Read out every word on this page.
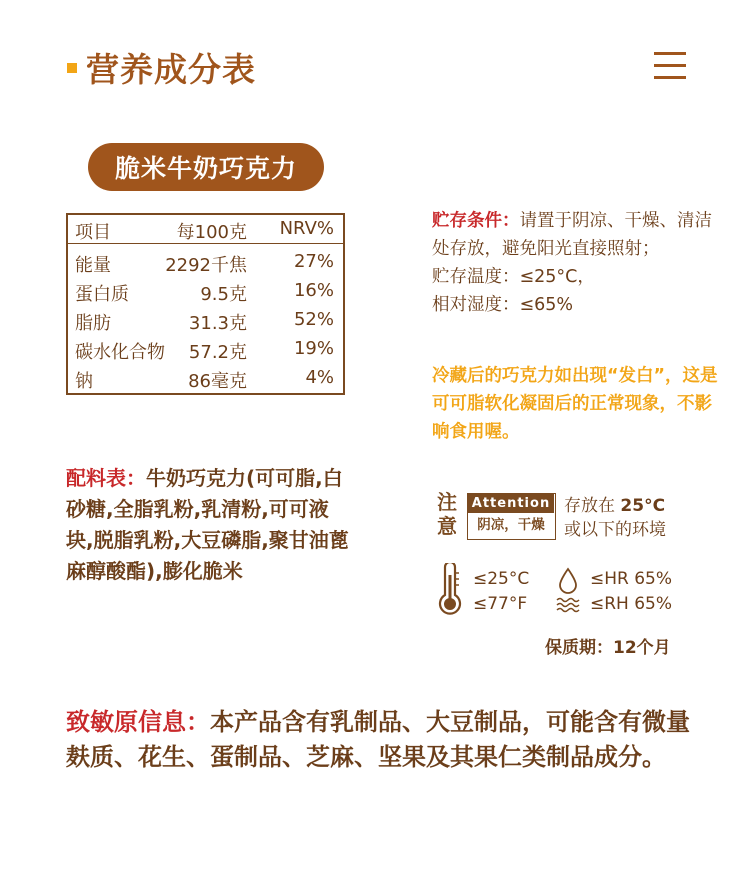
营养成分表
脆米牛奶巧克力
项目	每100克 NRV%
能量	2292千焦	27%
蛋白质	9.5克	16%
脂肪	31.3克	52%
碳水化合物 57.2克	19%
钠	86毫克	4%
贮存条件：请置于阴凉、干燥、清洁处存放，避免阳光直接照射；
贮存温度：≤25°C，
相对湿度：≤65%
冷藏后的巧克力如出现“发白”，这是可可脂软化凝固后的正常现象，不影响食用喔。
配料表：牛奶巧克力(可可脂,白砂糖,全脂乳粉,乳清粉,可可液块,脱脂乳粉,大豆磷脂,聚甘油蓖麻醇酸酯),膨化脆米
注
意
Attention
阴凉，干燥
存放在 25°C
或以下的环境
≤25°C
≤77°F
≤HR 65%
≤RH 65%
保质期：12个月
致敏原信息：本产品含有乳制品、大豆制品，可能含有微量麸质、花生、蛋制品、芝麻、坚果及其果仁类制品成分。
